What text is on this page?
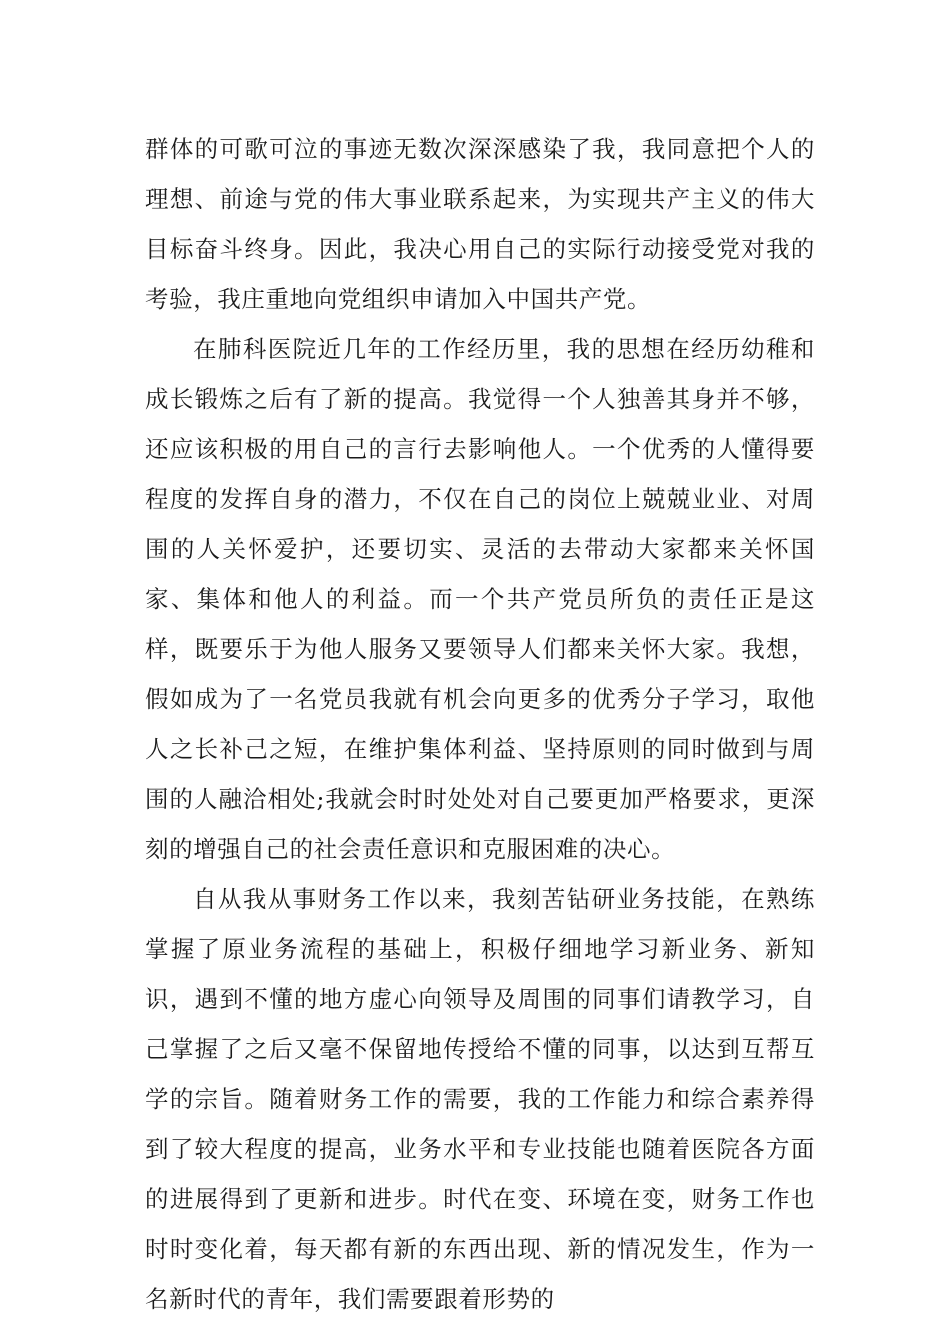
群体的可歌可泣的事迹无数次深深感染了我，我同意把个人的理想、前途与党的伟大事业联系起来，为实现共产主义的伟大目标奋斗终身。因此，我决心用自己的实际行动接受党对我的考验，我庄重地向党组织申请加入中国共产党。

在肺科医院近几年的工作经历里，我的思想在经历幼稚和成长锻炼之后有了新的提高。我觉得一个人独善其身并不够，还应该积极的用自己的言行去影响他人。一个优秀的人懂得要程度的发挥自身的潜力，不仅在自己的岗位上兢兢业业、对周围的人关怀爱护，还要切实、灵活的去带动大家都来关怀国家、集体和他人的利益。而一个共产党员所负的责任正是这样，既要乐于为他人服务又要领导人们都来关怀大家。我想，假如成为了一名党员我就有机会向更多的优秀分子学习，取他人之长补己之短，在维护集体利益、坚持原则的同时做到与周围的人融洽相处;我就会时时处处对自己要更加严格要求，更深刻的增强自己的社会责任意识和克服困难的决心。

自从我从事财务工作以来，我刻苦钻研业务技能，在熟练掌握了原业务流程的基础上，积极仔细地学习新业务、新知识，遇到不懂的地方虚心向领导及周围的同事们请教学习，自己掌握了之后又毫不保留地传授给不懂的同事，以达到互帮互学的宗旨。随着财务工作的需要，我的工作能力和综合素养得到了较大程度的提高，业务水平和专业技能也随着医院各方面的进展得到了更新和进步。时代在变、环境在变，财务工作也时时变化着，每天都有新的东西出现、新的情况发生，作为一名新时代的青年，我们需要跟着形势的
